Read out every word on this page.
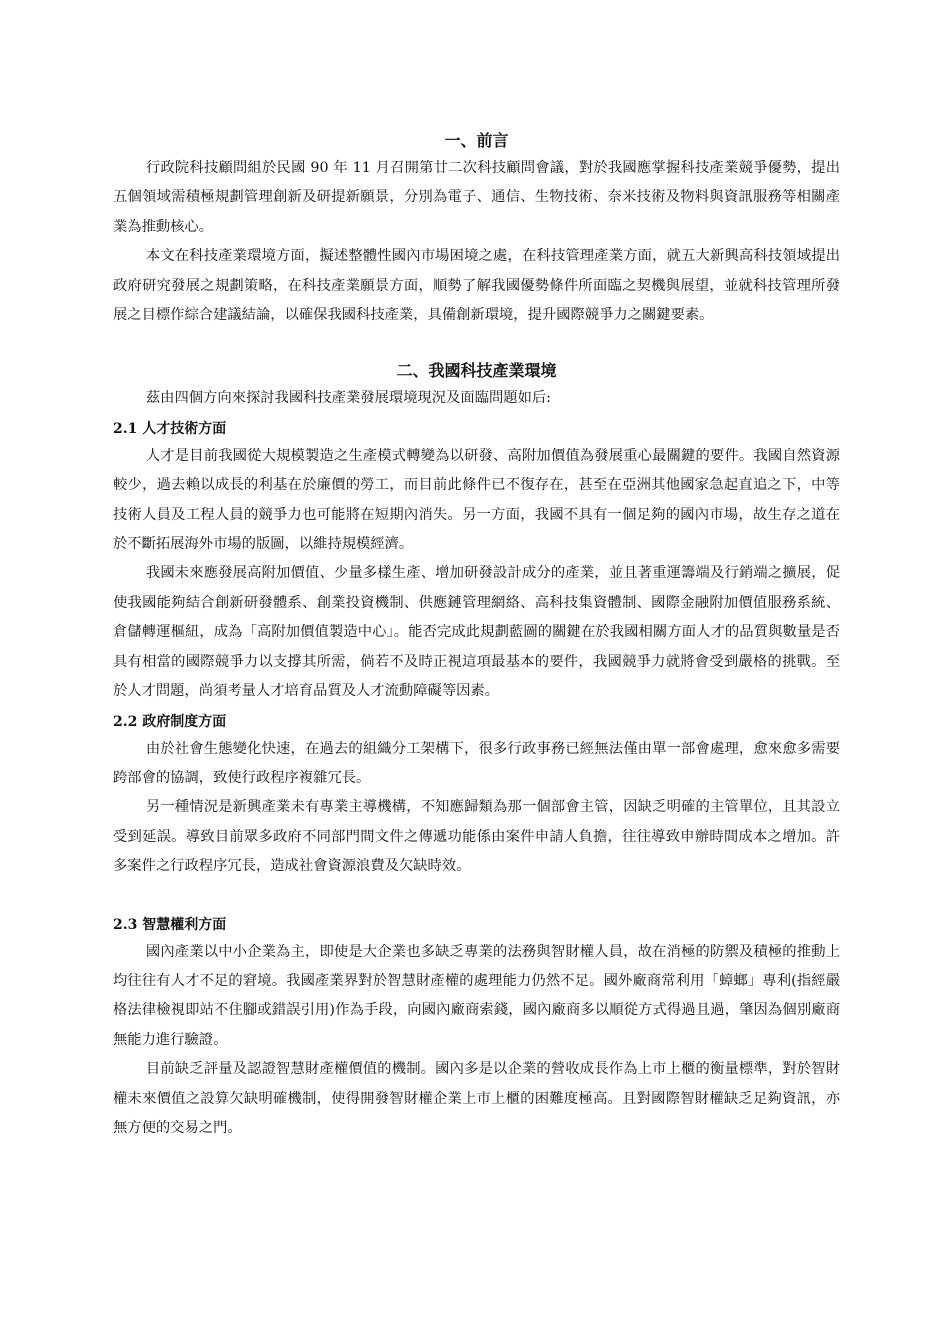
一、前言

行政院科技顧問組於民國 90 年 11 月召開第廿二次科技顧問會議，對於我國應掌握科技產業競爭優勢，提出五個領域需積極規劃管理創新及研提新願景，分別為電子、通信、生物技術、奈米技術及物料與資訊服務等相關產業為推動核心。

本文在科技產業環境方面，擬述整體性國內市場困境之處，在科技管理產業方面，就五大新興高科技領域提出政府研究發展之規劃策略，在科技產業願景方面，順勢了解我國優勢條件所面臨之契機與展望，並就科技管理所發展之目標作綜合建議結論，以確保我國科技產業，具備創新環境，提升國際競爭力之關鍵要素。

二、我國科技產業環境

茲由四個方向來探討我國科技產業發展環境現況及面臨問題如后:

2.1 人才技術方面

人才是目前我國從大規模製造之生產模式轉變為以研發、高附加價值為發展重心最關鍵的要件。我國自然資源較少，過去賴以成長的利基在於廉價的勞工，而目前此條件已不復存在，甚至在亞洲其他國家急起直追之下，中等技術人員及工程人員的競爭力也可能將在短期內消失。另一方面，我國不具有一個足夠的國內市場，故生存之道在於不斷拓展海外市場的版圖，以維持規模經濟。

我國未來應發展高附加價值、少量多樣生產、增加研發設計成分的產業，並且著重運籌端及行銷端之擴展，促使我國能夠結合創新研發體系、創業投資機制、供應鏈管理網絡、高科技集資體制、國際金融附加價值服務系統、倉儲轉運樞紐，成為「高附加價值製造中心」。能否完成此規劃藍圖的關鍵在於我國相關方面人才的品質與數量是否具有相當的國際競爭力以支撐其所需，倘若不及時正視這項最基本的要件，我國競爭力就將會受到嚴格的挑戰。至於人才問題，尚須考量人才培育品質及人才流動障礙等因素。

2.2 政府制度方面

由於社會生態變化快速，在過去的組織分工架構下，很多行政事務已經無法僅由單一部會處理，愈來愈多需要跨部會的協調，致使行政程序複雜冗長。

另一種情況是新興產業未有專業主導機構，不知應歸類為那一個部會主管，因缺乏明確的主管單位，且其設立受到延誤。導致目前眾多政府不同部門間文件之傳遞功能係由案件申請人負擔，往往導致申辦時間成本之增加。許多案件之行政程序冗長，造成社會資源浪費及欠缺時效。

2.3 智慧權利方面

國內產業以中小企業為主，即使是大企業也多缺乏專業的法務與智財權人員，故在消極的防禦及積極的推動上均往往有人才不足的窘境。我國產業界對於智慧財產權的處理能力仍然不足。國外廠商常利用「蟑螂」專利(指經嚴格法律檢視即站不住腳或錯誤引用)作為手段，向國內廠商索錢，國內廠商多以順從方式得過且過，肇因為個別廠商無能力進行驗證。

目前缺乏評量及認證智慧財產權價值的機制。國內多是以企業的營收成長作為上市上櫃的衡量標準，對於智財權未來價值之設算欠缺明確機制，使得開發智財權企業上市上櫃的困難度極高。且對國際智財權缺乏足夠資訊，亦無方便的交易之門。
